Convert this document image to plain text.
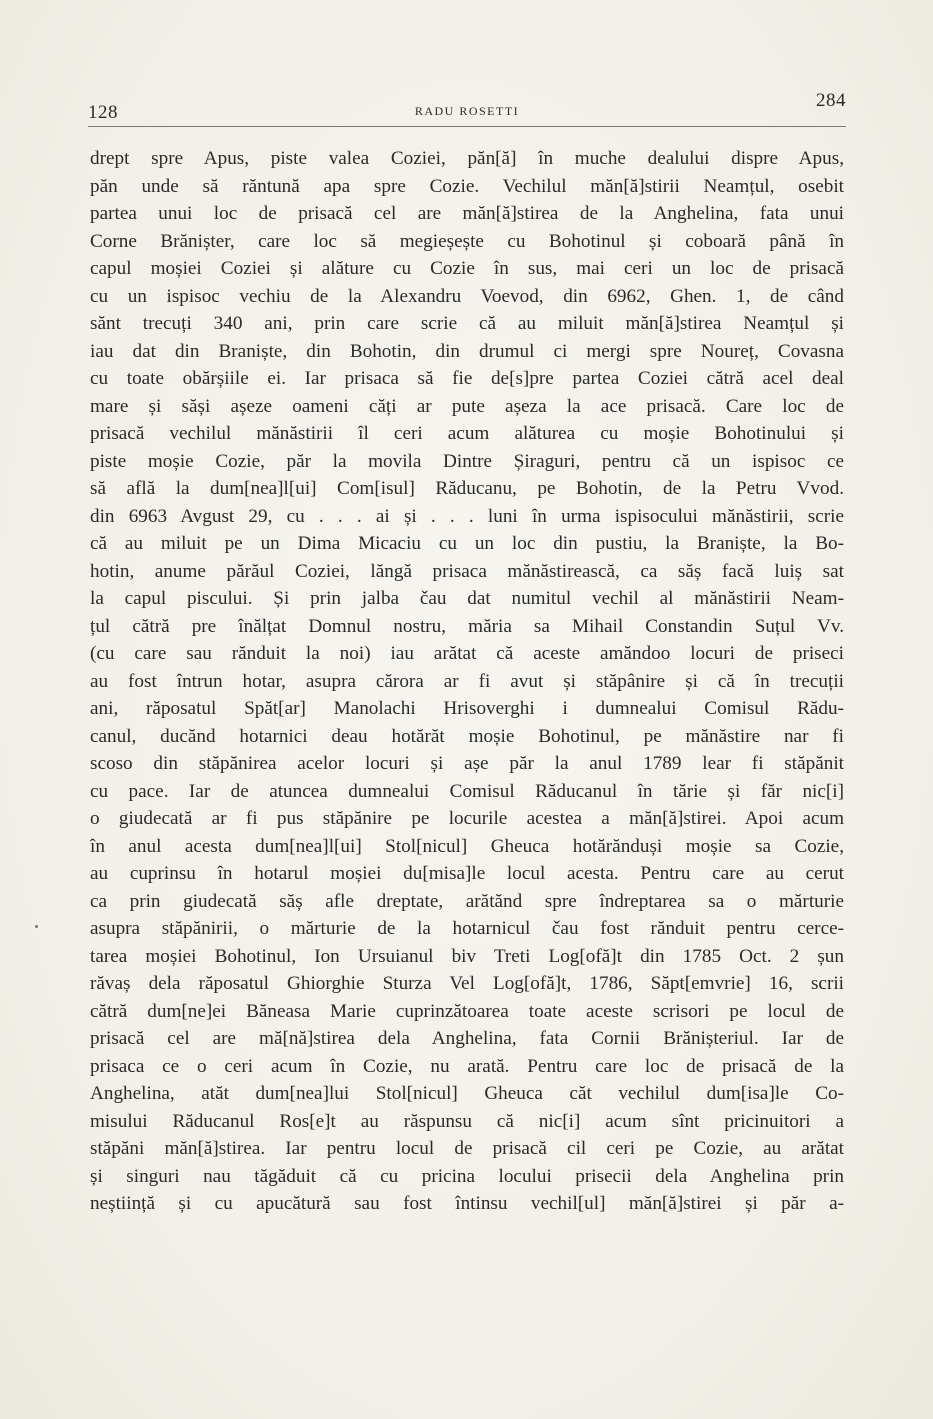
128	RADU ROSETTI	284
drept spre Apus, piste valea Coziei, păn[ă] în muche dealului dispre Apus,
păn unde să răntună apa spre Cozie. Vechilul măn[ă]stirii Neamțul, osebit
partea unui loc de prisacă cel are măn[ă]stirea de la Anghelina, fata unui
Corne Brănișter, care loc să megieșește cu Bohotinul și coboară până în
capul moșiei Coziei și alăture cu Cozie în sus, mai ceri un loc de prisacă
cu un ispisoc vechiu de la Alexandru Voevod, din 6962, Ghen. 1, de când
sănt trecuți 340 ani, prin care scrie că au miluit măn[ă]stirea Neamțul și
iau dat din Braniște, din Bohotin, din drumul ci mergi spre Noureț, Covasna
cu toate obărșiile ei. Iar prisaca să fie de[s]pre partea Coziei cătră acel deal
mare și săși așeze oameni căți ar pute așeza la ace prisacă. Care loc de
prisacă vechilul mănăstirii îl ceri acum alăturea cu moșie Bohotinului și
piste moșie Cozie, păr la movila Dintre Șiraguri, pentru că un ispisoc ce
să află la dum[nea]l[ui] Com[isul] Răducanu, pe Bohotin, de la Petru Vvod.
din 6963 Avgust 29, cu . . . ai și . . . luni în urma ispisocului mănăstirii, scrie
că au miluit pe un Dima Micaciu cu un loc din pustiu, la Braniște, la Bo-
hotin, anume părăul Coziei, lăngă prisaca mănăstirească, ca săș facă luiș sat
la capul piscului. Și prin jalba čau dat numitul vechil al mănăstirii Neam-
țul cătră pre înălțat Domnul nostru, măria sa Mihail Constandin Suțul Vv.
(cu care sau rănduit la noi) iau arătat că aceste amăndoo locuri de priseci
au fost întrun hotar, asupra cărora ar fi avut și stăpânire și că în trecuții
ani, răposatul Spăt[ar] Manolachi Hrisoverghi i dumnealui Comisul Rădu-
canul, ducănd hotarnici deau hotărăt moșie Bohotinul, pe mănăstire nar fi
scoso din stăpănirea acelor locuri și așe păr la anul 1789 lear fi stăpănit
cu pace. Iar de atuncea dumnealui Comisul Răducanul în tărie și făr nic[i]
o giudecată ar fi pus stăpănire pe locurile acestea a măn[ă]stirei. Apoi acum
în anul acesta dum[nea]l[ui] Stol[nicul] Gheuca hotărănduși moșie sa Cozie,
au cuprinsu în hotarul moșiei du[misa]le locul acesta. Pentru care au cerut
ca prin giudecată săș afle dreptate, arătănd spre îndreptarea sa o mărturie
asupra stăpănirii, o mărturie de la hotarnicul čau fost rănduit pentru cerce-
tarea moșiei Bohotinul, Ion Ursuianul biv Treti Log[ofă]t din 1785 Oct. 2 șun
răvaș dela răposatul Ghiorghie Sturza Vel Log[ofă]t, 1786, Săpt[emvrie] 16, scrii
cătră dum[ne]ei Băneasa Marie cuprinzătoarea toate aceste scrisori pe locul de
prisacă cel are mă[nă]stirea dela Anghelina, fata Cornii Brănișteriul. Iar de
prisaca ce o ceri acum în Cozie, nu arată. Pentru care loc de prisacă de la
Anghelina, atăt dum[nea]lui Stol[nicul] Gheuca căt vechilul dum[isa]le Co-
misului Răducanul Ros[e]t au răspunsu că nic[i] acum sînt pricinuitori a
stăpăni măn[ă]stirea. Iar pentru locul de prisacă cil ceri pe Cozie, au arătat
și singuri nau tăgăduit că cu pricina locului prisecii dela Anghelina prin
neștiință și cu apucătură sau fost întinsu vechil[ul] măn[ă]stirei și păr a-
